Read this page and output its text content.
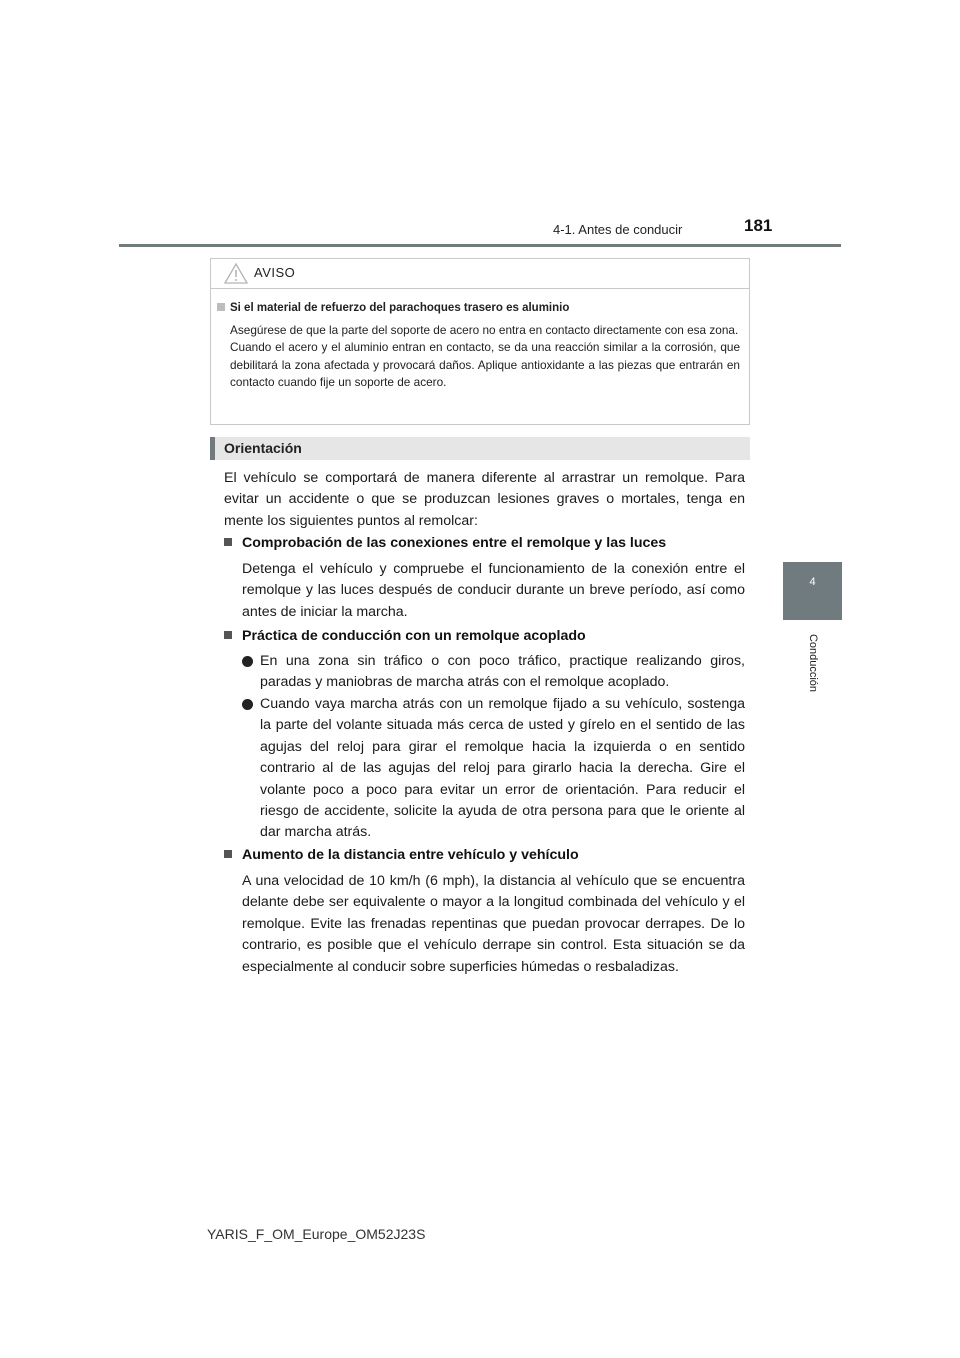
4-1. Antes de conducir	181
4
Conducción
AVISO
Si el material de refuerzo del parachoques trasero es aluminio

Asegúrese de que la parte del soporte de acero no entra en contacto directamente con esa zona.

Cuando el acero y el aluminio entran en contacto, se da una reacción similar a la corrosión, que debilitará la zona afectada y provocará daños. Aplique antioxidante a las piezas que entrarán en contacto cuando fije un soporte de acero.

Orientación

El vehículo se comportará de manera diferente al arrastrar un remolque. Para evitar un accidente o que se produzcan lesiones graves o mortales, tenga en mente los siguientes puntos al remolcar:

Comprobación de las conexiones entre el remolque y las luces

Detenga el vehículo y compruebe el funcionamiento de la conexión entre el remolque y las luces después de conducir durante un breve período, así como antes de iniciar la marcha.

Práctica de conducción con un remolque acoplado
En una zona sin tráfico o con poco tráfico, practique realizando giros, paradas y maniobras de marcha atrás con el remolque acoplado.
Cuando vaya marcha atrás con un remolque fijado a su vehículo, sostenga la parte del volante situada más cerca de usted y gírelo en el sentido de las agujas del reloj para girar el remolque hacia la izquierda o en sentido contrario al de las agujas del reloj para girarlo hacia la derecha. Gire el volante poco a poco para evitar un error de orientación. Para reducir el riesgo de accidente, solicite la ayuda de otra persona para que le oriente al dar marcha atrás.
Aumento de la distancia entre vehículo y vehículo

A una velocidad de 10 km/h (6 mph), la distancia al vehículo que se encuentra delante debe ser equivalente o mayor a la longitud combinada del vehículo y el remolque. Evite las frenadas repentinas que puedan provocar derrapes. De lo contrario, es posible que el vehículo derrape sin control. Esta situación se da especialmente al conducir sobre superficies húmedas o resbaladizas.

YARIS_F_OM_Europe_OM52J23S
